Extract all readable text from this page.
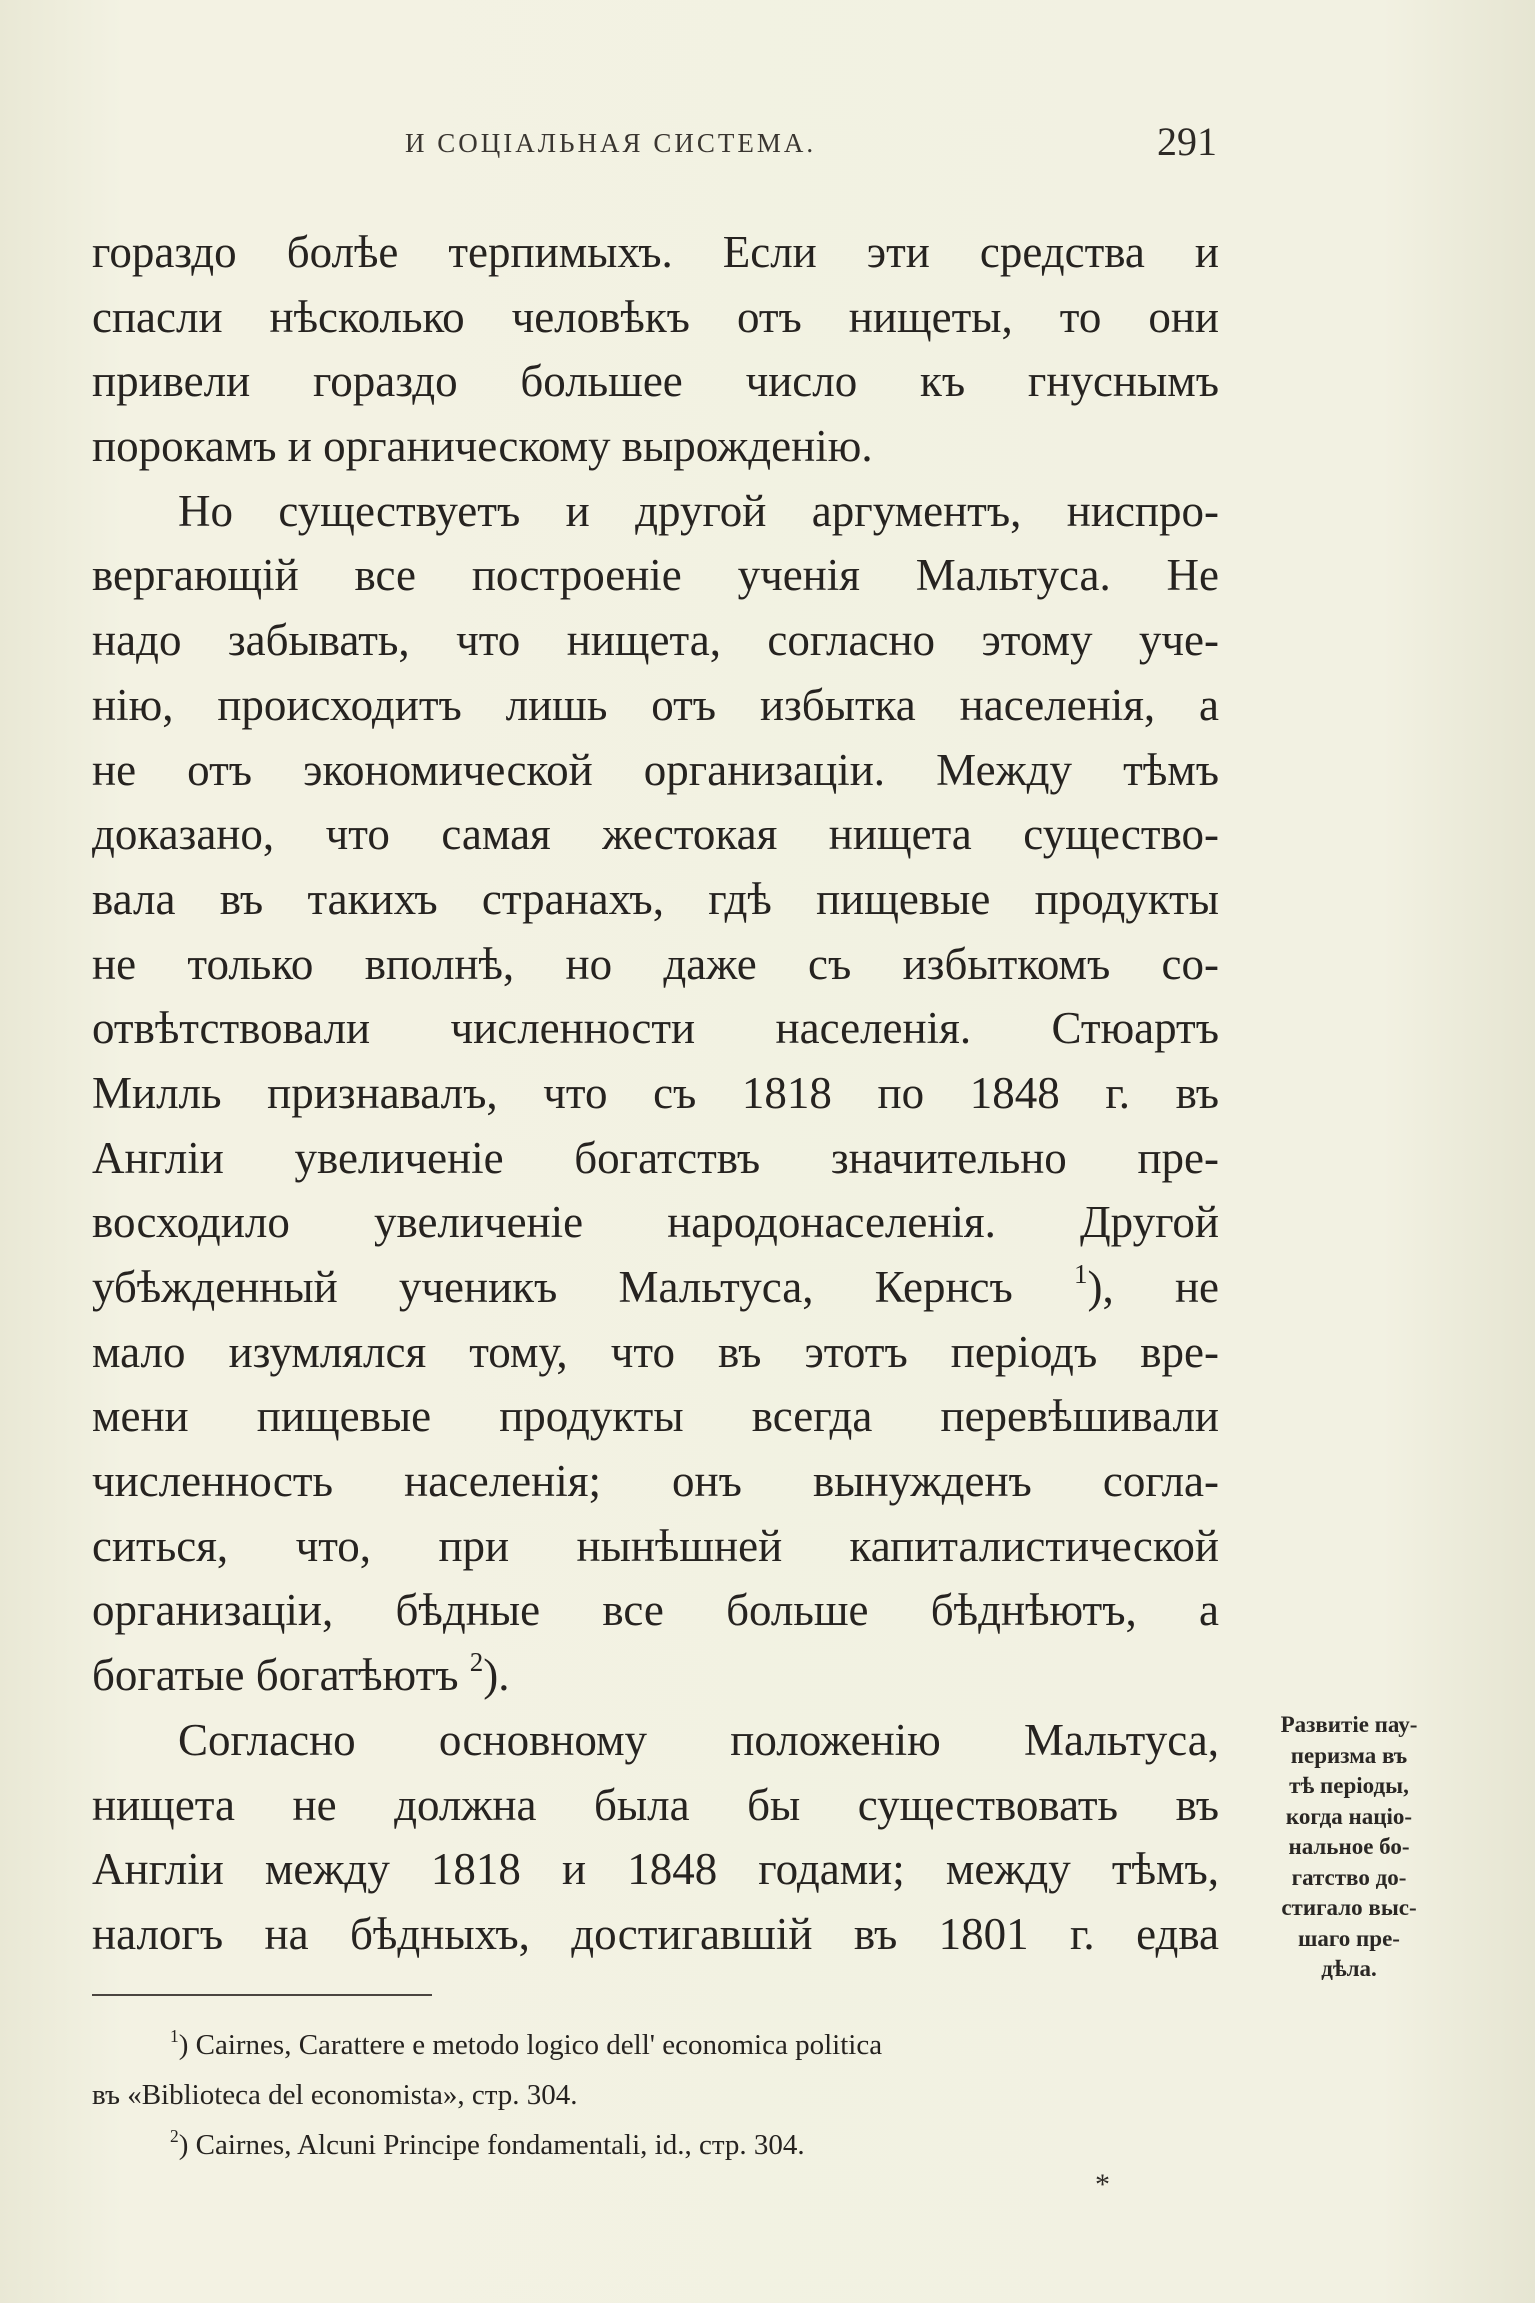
И СОЦІАЛЬНАЯ СИСТЕМА.	291
гораздо болѣе терпимыхъ. Если эти средства и
спасли нѣсколько человѣкъ отъ нищеты, то они
привели гораздо большее число къ гнуснымъ
порокамъ и органическому вырожденію.
Но существуетъ и другой аргументъ, ниспро-
вергающій все построеніе ученія Мальтуса. Не
надо забывать, что нищета, согласно этому уче-
нію, происходитъ лишь отъ избытка населенія, а
не отъ экономической организаціи. Между тѣмъ
доказано, что самая жестокая нищета существо-
вала въ такихъ странахъ, гдѣ пищевые продукты
не только вполнѣ, но даже съ избыткомъ со-
отвѣтствовали численности населенія. Стюартъ
Милль признавалъ, что съ 1818 по 1848 г. въ
Англіи увеличеніе богатствъ значительно пре-
восходило увеличеніе народонаселенія. Другой
убѣжденный ученикъ Мальтуса, Кернсъ $^1$), не
мало изумлялся тому, что въ этотъ періодъ вре-
мени пищевые продукты всегда перевѣшивали
численность населенія; онъ вынужденъ согла-
ситься, что, при нынѣшней капиталистической
организаціи, бѣдные все больше бѣднѣютъ, а
богатые богатѣютъ $^2$).
Согласно основному положенію Мальтуса,
нищета не должна была бы существовать въ
Англіи между 1818 и 1848 годами; между тѣмъ,
налогъ на бѣдныхъ, достигавшій въ 1801 г. едва
Развитіе пау-
перизма въ
тѣ періоды,
когда націо-
нальное бо-
гатство до-
стигало выс-
шаго пре-
дѣла.
$^1$) Cairnes, Carattere e metodo logico dell' economica politica
въ «Biblioteca del economista», стр. 304.
$^2$) Cairnes, Alcuni Principe fondamentali, id., стр. 304.
*
